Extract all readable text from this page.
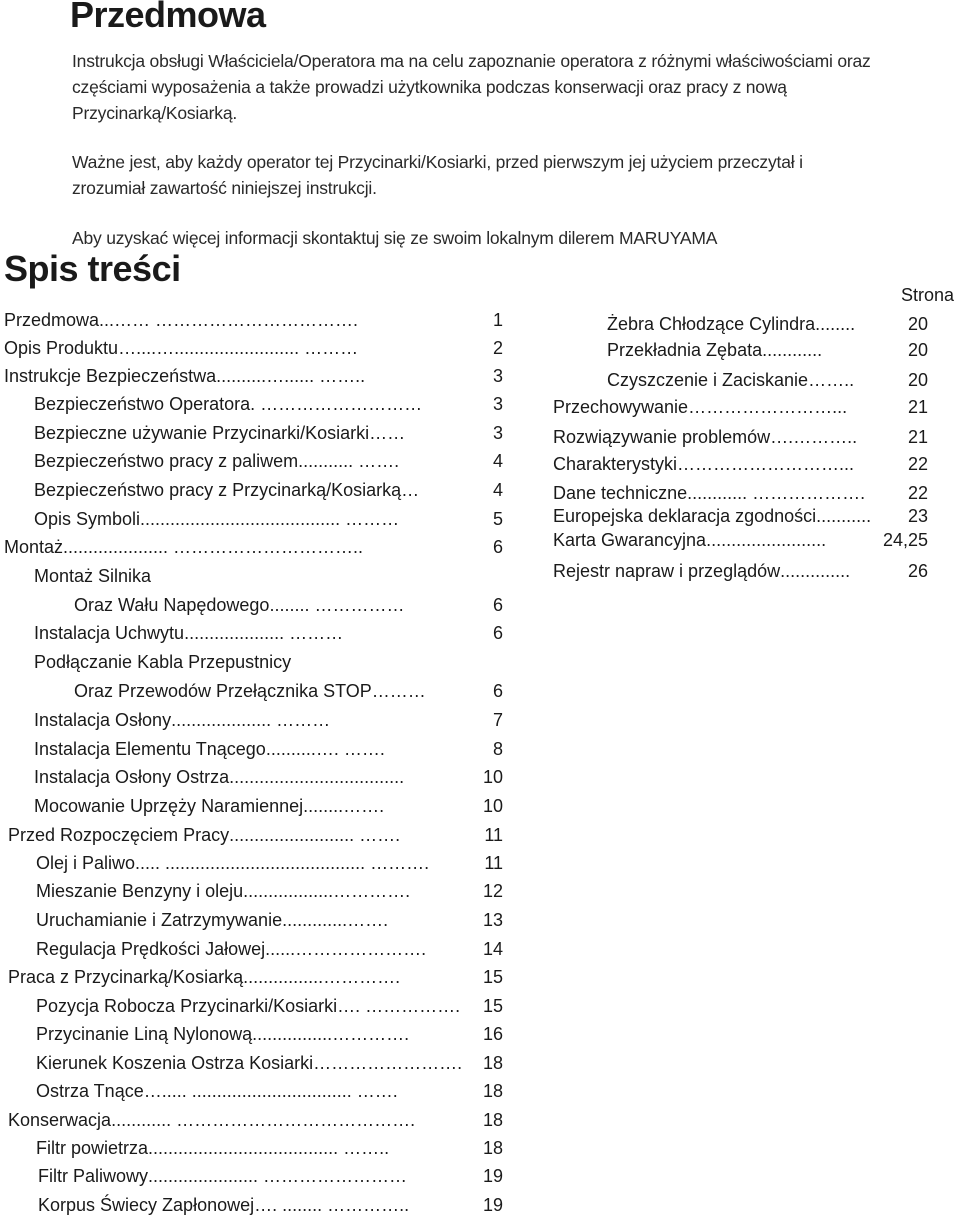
Przedmowa
Instrukcja obsługi Właściciela/Operatora ma na celu zapoznanie operatora z różnymi właściwościami oraz
częściami wyposażenia a także prowadzi użytkownika podczas konserwacji oraz pracy z nową
Przycinarką/Kosiarką.
Ważne jest, aby każdy operator tej Przycinarki/Kosiarki, przed pierwszym jej użyciem przeczytał i
zrozumiał zawartość niniejszej instrukcji.
Aby uzyskać więcej informacji skontaktuj się ze swoim lokalnym dilerem MARUYAMA
Spis treści
Strona
Przedmowa ...…… …………………………….	1
Opis Produktu …....…......................... ………	2
Instrukcje Bezpieczeństwa ..........…...... ……..	3
Bezpieczeństwo Operatora . ………………………	3
Bezpieczne używanie Przycinarki/Kosiarki ……	3
Bezpieczeństwo pracy z paliwem ........... …….	4
Bezpieczeństwo pracy z Przycinarką/Kosiarką …	4
Opis Symboli ........................................ ………	5
Montaż ..................... …………………………..	6
Montaż Silnika
Oraz Wału Napędowego ........ ……………	6
Instalacja Uchwytu .................... ………	6
Podłączanie Kabla Przepustnicy
Oraz Przewodów Przełącznika STOP ………	6
Instalacja Osłony .................... ………	7
Instalacja Elementu Tnącego ..........…. …….	8
Instalacja Osłony Ostrza ...................................	10
Mocowanie Uprzęży Naramiennej ........…….	10
Przed Rozpoczęciem Pracy ......................... …….	11
Olej i Paliwo ..... ........................................ ……….	11
Mieszanie Benzyny i oleju ..................………….	12
Uruchamianie i Zatrzymywanie .............…….	13
Regulacja Prędkości Jałowej ......………………….	14
Praca z Przycinarką/Kosiarką ................………….	15
Pozycja Robocza Przycinarki/Kosiarki …. …………….	15
Przycinanie Liną Nylonową ................………….	16
Kierunek Koszenia Ostrza Kosiarki …………………….	18
Ostrza Tnące …..... ................................ …….	18
Konserwacja ............ ………………………………….	18
Filtr powietrza ...................................... ……..	18
Filtr Paliwowy ...................... ……………………	19
Korpus Świecy Zapłonowej …. ........ …………..	19
Żebra Chłodzące Cylindra ........	20
Przekładnia Zębata ............	20
Czyszczenie i Zaciskanie ……..	20
Przechowywanie ……………………...	21
Rozwiązywanie problemów ….………..	21
Charakterystyki ………………………...	22
Dane techniczne ............ ……………….	22
Europejska deklaracja zgodności ...........	23
Karta Gwarancyjna ........................	24,25
Rejestr napraw i przeglądów ..............	26
